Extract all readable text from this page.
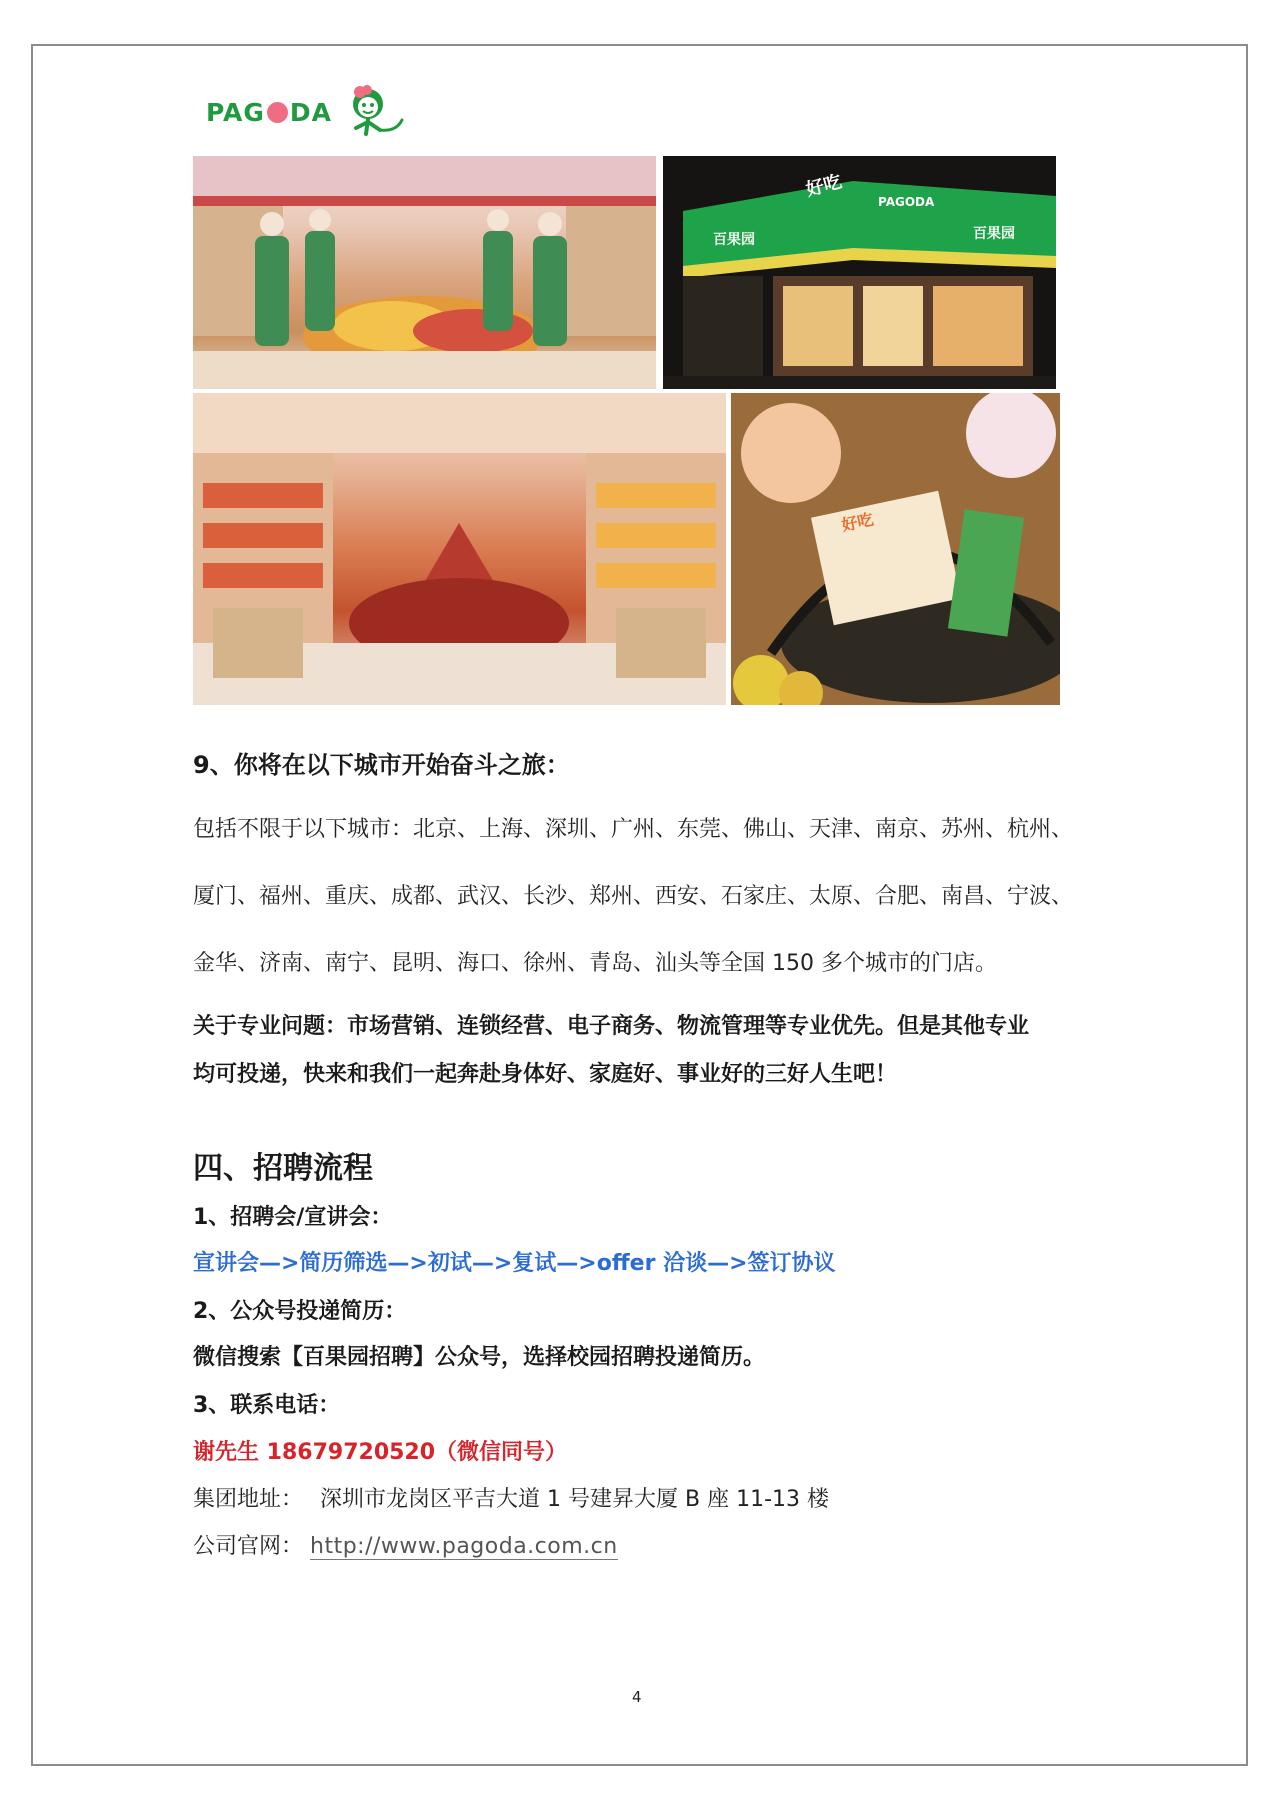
PAG DA
好吃
PAGODA
百果园	百果园
好吃
9、你将在以下城市开始奋斗之旅：
包括不限于以下城市：北京、上海、深圳、广州、东莞、佛山、天津、南京、苏州、杭州、
厦门、福州、重庆、成都、武汉、长沙、郑州、西安、石家庄、太原、合肥、南昌、宁波、
金华、济南、南宁、昆明、海口、徐州、青岛、汕头等全国 150 多个城市的门店。
关于专业问题：市场营销、连锁经营、电子商务、物流管理等专业优先。但是其他专业
均可投递，快来和我们一起奔赴身体好、家庭好、事业好的三好人生吧！
四、招聘流程
1、招聘会/宣讲会：
宣讲会—>简历筛选—>初试—>复试—>offer 洽谈—>签订协议
2、公众号投递简历：
微信搜索【百果园招聘】公众号，选择校园招聘投递简历。
3、联系电话：
谢先生 18679720520（微信同号）
集团地址： 深圳市龙岗区平吉大道 1 号建昇大厦 B 座 11-13 楼
公司官网： http://www.pagoda.com.cn
4
